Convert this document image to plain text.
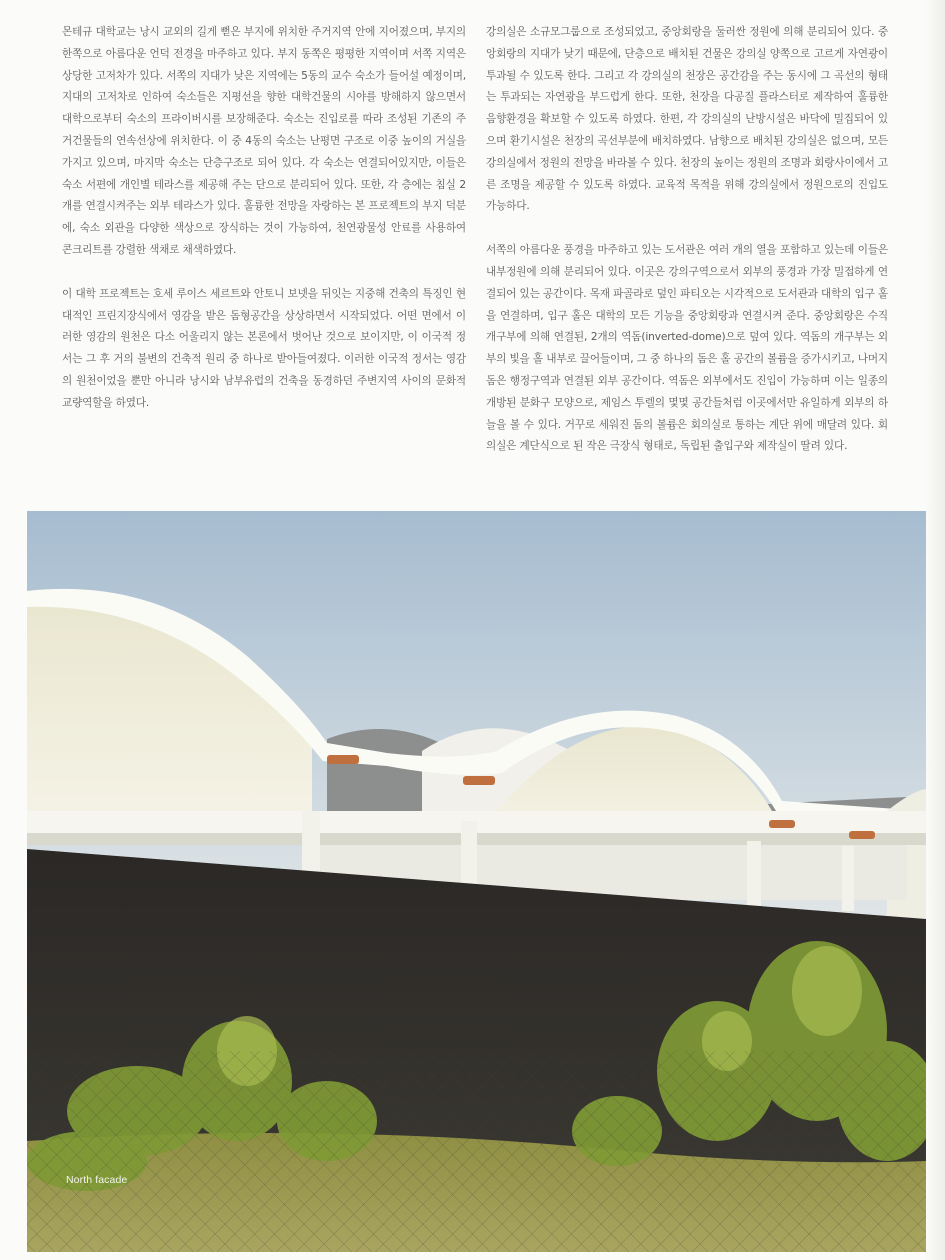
몬테규 대학교는 낭시 교외의 길게 뻗은 부지에 위치한 주거지역 안에 지어졌으며, 부지의 한쪽으로 아름다운 언덕 전경을 마주하고 있다. 부지 동쪽은 평평한 지역이며 서쪽 지역은 상당한 고저차가 있다. 서쪽의 지대가 낮은 지역에는 5동의 교수 숙소가 들어설 예정이며, 지대의 고저차로 인하여 숙소들은 지평선을 향한 대학건물의 시야를 방해하지 않으면서 대학으로부터 숙소의 프라이버시를 보장해준다. 숙소는 진입로를 따라 조성된 기존의 주거건물들의 연속선상에 위치한다. 이 중 4동의 숙소는 난평면 구조로 이중 높이의 거실을 가지고 있으며, 마지막 숙소는 단층구조로 되어 있다. 각 숙소는 연결되어있지만, 이들은 숙소 서편에 개인별 테라스를 제공해 주는 단으로 분리되어 있다. 또한, 각 층에는 침실 2개를 연결시켜주는 외부 테라스가 있다. 훌륭한 전망을 자랑하는 본 프로젝트의 부지 덕분에, 숙소 외관을 다양한 색상으로 장식하는 것이 가능하여, 천연광물성 안료를 사용하여 콘크리트를 강렬한 색채로 채색하였다.

이 대학 프로젝트는 호세 루이스 세르트와 안토니 보넷을 뒤잇는 지중해 건축의 특징인 현대적인 프린지장식에서 영감을 받은 돔형공간을 상상하면서 시작되었다. 어떤 면에서 이러한 영감의 원천은 다소 어울리지 않는 본론에서 벗어난 것으로 보이지만, 이 이국적 정서는 그 후 거의 불변의 건축적 원리 중 하나로 받아들여졌다. 이러한 이국적 정서는 영감의 원천이었을 뿐만 아니라 낭시와 남부유럽의 건축을 동경하던 주변지역 사이의 문화적 교량역할을 하였다.

강의실은 소규모그룹으로 조성되었고, 중앙회랑을 둘러싼 정원에 의해 분리되어 있다. 중앙회랑의 지대가 낮기 때문에, 단층으로 배치된 건물은 강의실 양쪽으로 고르게 자연광이 투과될 수 있도록 한다. 그리고 각 강의실의 천장은 공간감을 주는 동시에 그 곡선의 형태는 투과되는 자연광을 부드럽게 한다. 또한, 천장을 다공질 플라스터로 제작하여 훌륭한 음향환경을 확보할 수 있도록 하였다. 한편, 각 강의실의 난방시설은 바닥에 밀집되어 있으며 환기시설은 천장의 곡선부분에 배치하였다. 남향으로 배치된 강의실은 없으며, 모든 강의실에서 정원의 전망을 바라볼 수 있다. 천장의 높이는 정원의 조명과 회랑사이에서 고른 조명을 제공할 수 있도록 하였다. 교육적 목적을 위해 강의실에서 정원으로의 진입도 가능하다.

서쪽의 아름다운 풍경을 마주하고 있는 도서관은 여러 개의 열을 포함하고 있는데 이들은 내부정원에 의해 분리되어 있다. 이곳은 강의구역으로서 외부의 풍경과 가장 밀접하게 연결되어 있는 공간이다. 목재 파골라로 덮인 파티오는 시각적으로 도서관과 대학의 입구 홀을 연결하며, 입구 홀은 대학의 모든 기능을 중앙회랑과 연결시켜 준다. 중앙회랑은 수직 개구부에 의해 연결된, 2개의 역돔(inverted-dome)으로 덮여 있다. 역돔의 개구부는 외부의 빛을 홀 내부로 끌어들이며, 그 중 하나의 돔은 홀 공간의 볼륨을 증가시키고, 나머지 돔은 행정구역과 연결된 외부 공간이다. 역돔은 외부에서도 진입이 가능하며 이는 일종의 개방된 분화구 모양으로, 제임스 투렐의 몇몇 공간들처럼 이곳에서만 유일하게 외부의 하늘을 볼 수 있다. 거꾸로 세워진 돔의 볼륨은 회의실로 통하는 계단 위에 매달려 있다. 회의실은 계단식으로 된 작은 극장식 형태로, 독립된 출입구와 제작실이 딸려 있다.

North facade
